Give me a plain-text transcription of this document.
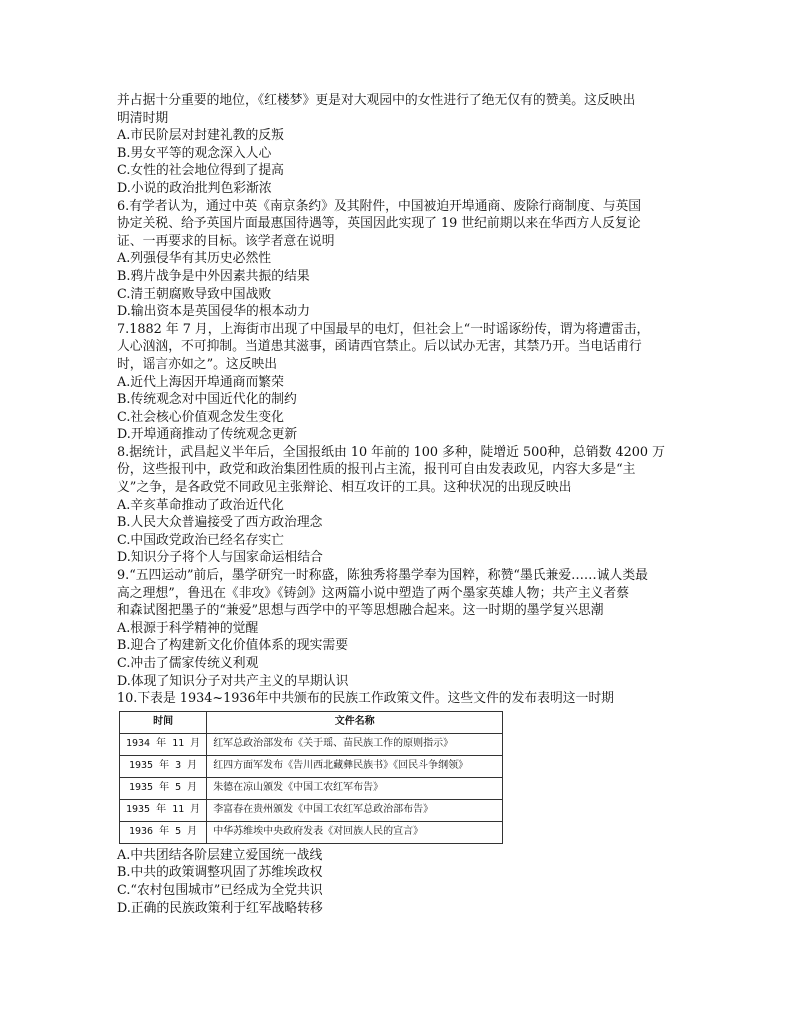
并占据十分重要的地位，《红楼梦》更是对大观园中的女性进行了绝无仅有的赞美。这反映出
明清时期
A.市民阶层对封建礼教的反叛
B.男女平等的观念深入人心
C.女性的社会地位得到了提高
D.小说的政治批判色彩渐浓
6.有学者认为，通过中英《南京条约》及其附件，中国被迫开埠通商、废除行商制度、与英国
协定关税、给予英国片面最惠国待遇等，英国因此实现了 19 世纪前期以来在华西方人反复论
证、一再要求的目标。该学者意在说明
A.列强侵华有其历史必然性
B.鸦片战争是中外因素共振的结果
C.清王朝腐败导致中国战败
D.输出资本是英国侵华的根本动力
7.1882 年 7 月，上海街市出现了中国最早的电灯，但社会上“一时谣诼纷传，谓为将遭雷击，
人心汹汹，不可抑制。当道患其滋事，函请西官禁止。后以试办无害，其禁乃开。当电话甫行
时，谣言亦如之”。这反映出
A.近代上海因开埠通商而繁荣
B.传统观念对中国近代化的制约
C.社会核心价值观念发生变化
D.开埠通商推动了传统观念更新
8.据统计，武昌起义半年后，全国报纸由 10 年前的 100 多种，陡增近 500种，总销数 4200 万
份，这些报刊中，政党和政治集团性质的报刊占主流，报刊可自由发表政见，内容大多是“主
义”之争，是各政党不同政见主张辩论、相互攻讦的工具。这种状况的出现反映出
A.辛亥革命推动了政治近代化
B.人民大众普遍接受了西方政治理念
C.中国政党政治已经名存实亡
D.知识分子将个人与国家命运相结合
9.“五四运动”前后，墨学研究一时称盛，陈独秀将墨学奉为国粹，称赞“墨氏兼爱……诚人类最
高之理想”，鲁迅在《非攻》《铸剑》这两篇小说中塑造了两个墨家英雄人物；共产主义者蔡
和森试图把墨子的“兼爱”思想与西学中的平等思想融合起来。这一时期的墨学复兴思潮
A.根源于科学精神的觉醒
B.迎合了构建新文化价值体系的现实需要
C.冲击了儒家传统义利观
D.体现了知识分子对共产主义的早期认识
10.下表是 1934~1936年中共颁布的民族工作政策文件。这些文件的发布表明这一时期
时间	文件名称
1934 年 11 月	红军总政治部发布《关于瑶、苗民族工作的原则指示》
1935 年 3 月	红四方面军发布《告川西北藏彝民族书》《回民斗争纲领》
1935 年 5 月	朱德在凉山颁发《中国工农红军布告》
1935 年 11 月	李富春在贵州颁发《中国工农红军总政治部布告》
1936 年 5 月	中华苏维埃中央政府发表《对回族人民的宣言》
A.中共团结各阶层建立爱国统一战线
B.中共的政策调整巩固了苏维埃政权
C.“农村包围城市”已经成为全党共识
D.正确的民族政策利于红军战略转移
